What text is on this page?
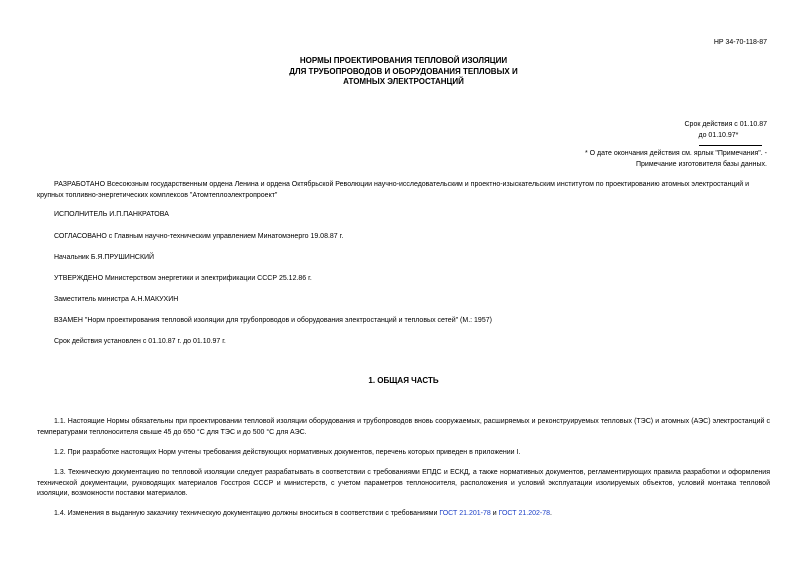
НР 34-70-118-87
НОРМЫ ПРОЕКТИРОВАНИЯ ТЕПЛОВОЙ ИЗОЛЯЦИИ
ДЛЯ ТРУБОПРОВОДОВ И ОБОРУДОВАНИЯ ТЕПЛОВЫХ И
АТОМНЫХ ЭЛЕКТРОСТАНЦИЙ
Срок действия с 01.10.87
до 01.10.97*
* О дате окончания действия см. ярлык "Примечания". -
Примечание изготовителя базы данных.
РАЗРАБОТАНО Всесоюзным государственным ордена Ленина и ордена Октябрьской Революции научно-исследовательским и проектно-изыскательским институтом по проектированию атомных электростанций и крупных топливно-энергетических комплексов "Атомтеплоэлектропроект"
ИСПОЛНИТЕЛЬ И.П.ПАНКРАТОВА
СОГЛАСОВАНО с Главным научно-техническим управлением Минатомэнерго 19.08.87 г.
Начальник Б.Я.ПРУШИНСКИЙ
УТВЕРЖДЕНО Министерством энергетики и электрификации СССР 25.12.86 г.
Заместитель министра А.Н.МАКУХИН
ВЗАМЕН "Норм проектирования тепловой изоляции для трубопроводов и оборудования электростанций и тепловых сетей" (М.: 1957)
Срок действия установлен с 01.10.87 г. до 01.10.97 г.
1. ОБЩАЯ ЧАСТЬ
1.1. Настоящие Нормы обязательны при проектировании тепловой изоляции оборудования и трубопроводов вновь сооружаемых, расширяемых и реконструируемых тепловых (ТЭС) и атомных (АЭС) электростанций с температурами теплоносителя свыше 45 до 650 °С для ТЭС и до 500 °С для АЭС.
1.2. При разработке настоящих Норм учтены требования действующих нормативных документов, перечень которых приведен в приложении I.
1.3. Техническую документацию по тепловой изоляции следует разрабатывать в соответствии с требованиями ЕПДС и ЕСКД, а также нормативных документов, регламентирующих правила разработки и оформления технической документации, руководящих материалов Госстроя СССР и министерств, с учетом параметров теплоносителя, расположения и условий эксплуатации изолируемых объектов, условий монтажа тепловой изоляции, возможности поставки материалов.
1.4. Изменения в выданную заказчику техническую документацию должны вноситься в соответствии с требованиями ГОСТ 21.201-78 и ГОСТ 21.202-78.
